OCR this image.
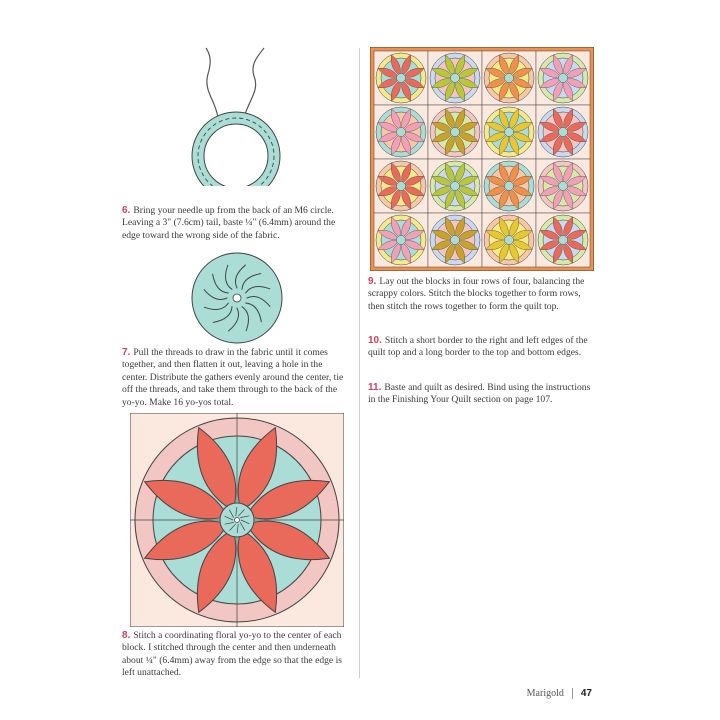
6. Bring your needle up from the back of an M6 circle. Leaving a 3" (7.6cm) tail, baste ¼" (6.4mm) around the edge toward the wrong side of the fabric.
7. Pull the threads to draw in the fabric until it comes together, and then flatten it out, leaving a hole in the center. Distribute the gathers evenly around the center, tie off the threads, and take them through to the back of the yo-yo. Make 16 yo-yos total.
8. Stitch a coordinating floral yo-yo to the center of each block. I stitched through the center and then underneath about ¼" (6.4mm) away from the edge so that the edge is left unattached.
9. Lay out the blocks in four rows of four, balancing the scrappy colors. Stitch the blocks together to form rows, then stitch the rows together to form the quilt top.
10. Stitch a short border to the right and left edges of the quilt top and a long border to the top and bottom edges.
11. Baste and quilt as desired. Bind using the instructions in the Finishing Your Quilt section on page 107.
Marigold 47
